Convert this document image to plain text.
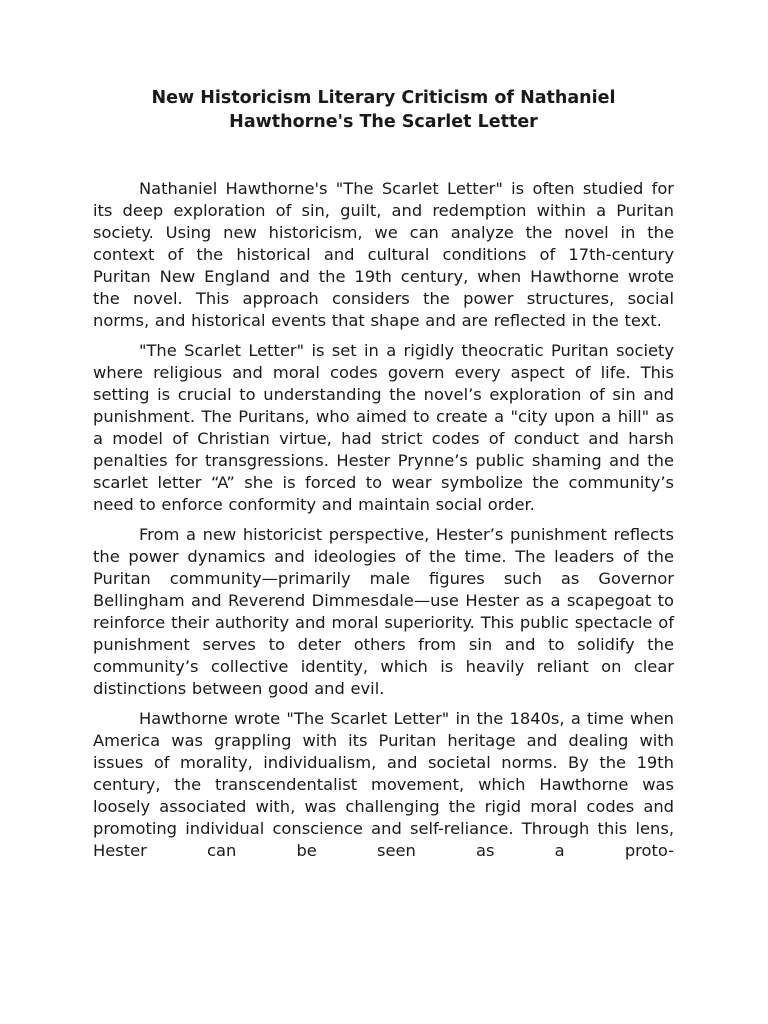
New Historicism Literary Criticism of Nathaniel
Hawthorne's The Scarlet Letter

Nathaniel Hawthorne's "The Scarlet Letter" is often studied for its deep exploration of sin, guilt, and redemption within a Puritan society. Using new historicism, we can analyze the novel in the context of the historical and cultural conditions of 17th-century Puritan New England and the 19th century, when Hawthorne wrote the novel. This approach considers the power structures, social norms, and historical events that shape and are reflected in the text.

"The Scarlet Letter" is set in a rigidly theocratic Puritan society where religious and moral codes govern every aspect of life. This setting is crucial to understanding the novel’s exploration of sin and punishment. The Puritans, who aimed to create a "city upon a hill" as a model of Christian virtue, had strict codes of conduct and harsh penalties for transgressions. Hester Prynne’s public shaming and the scarlet letter “A” she is forced to wear symbolize the community’s need to enforce conformity and maintain social order.

From a new historicist perspective, Hester’s punishment reflects the power dynamics and ideologies of the time. The leaders of the Puritan community—primarily male figures such as Governor Bellingham and Reverend Dimmesdale—use Hester as a scapegoat to reinforce their authority and moral superiority. This public spectacle of punishment serves to deter others from sin and to solidify the community’s collective identity, which is heavily reliant on clear distinctions between good and evil.

Hawthorne wrote "The Scarlet Letter" in the 1840s, a time when America was grappling with its Puritan heritage and dealing with issues of morality, individualism, and societal norms. By the 19th century, the transcendentalist movement, which Hawthorne was loosely associated with, was challenging the rigid moral codes and promoting individual conscience and self-reliance. Through this lens, Hester can be seen as a proto-
